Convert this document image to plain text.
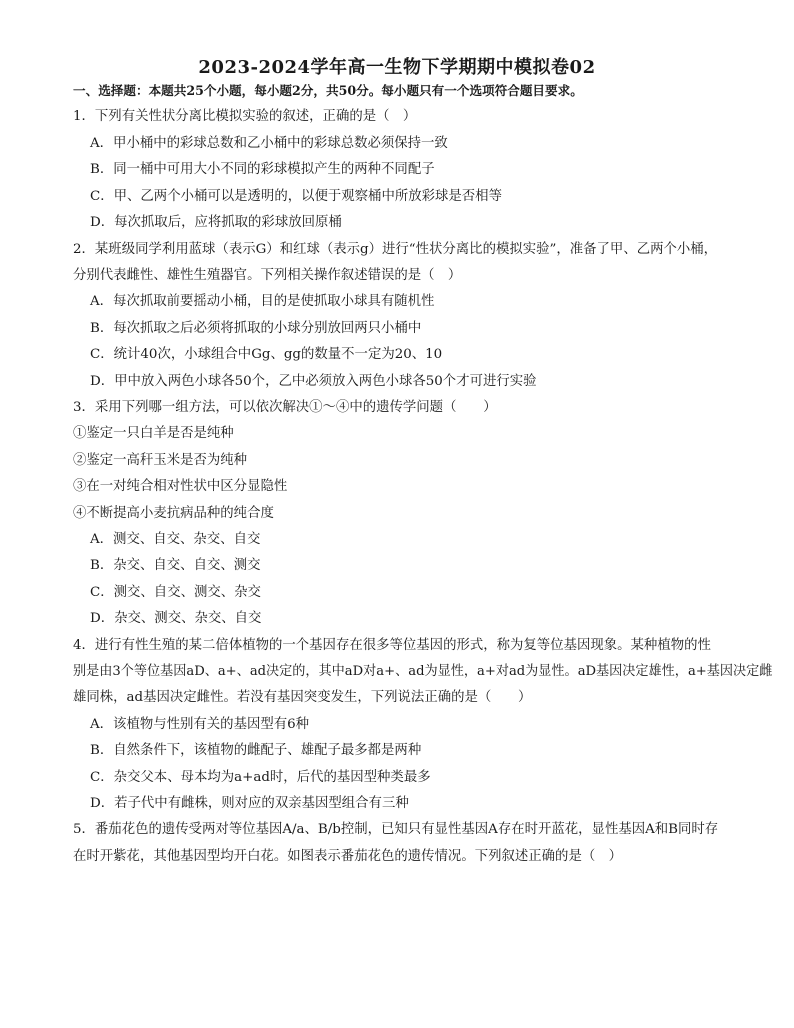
2023-2024学年高一生物下学期期中模拟卷02
一、选择题：本题共25个小题，每小题2分，共50分。每小题只有一个选项符合题目要求。
1．下列有关性状分离比模拟实验的叙述，正确的是（　）
A．甲小桶中的彩球总数和乙小桶中的彩球总数必须保持一致
B．同一桶中可用大小不同的彩球模拟产生的两种不同配子
C．甲、乙两个小桶可以是透明的，以便于观察桶中所放彩球是否相等
D．每次抓取后，应将抓取的彩球放回原桶
2．某班级同学利用蓝球（表示G）和红球（表示g）进行“性状分离比的模拟实验”，准备了甲、乙两个小桶，
分别代表雌性、雄性生殖器官。下列相关操作叙述错误的是（　）
A．每次抓取前要摇动小桶，目的是使抓取小球具有随机性
B．每次抓取之后必须将抓取的小球分别放回两只小桶中
C．统计40次，小球组合中Gg、gg的数量不一定为20、10
D．甲中放入两色小球各50个，乙中必须放入两色小球各50个才可进行实验
3．采用下列哪一组方法，可以依次解决①～④中的遗传学问题（　　）
①鉴定一只白羊是否是纯种
②鉴定一高秆玉米是否为纯种
③在一对纯合相对性状中区分显隐性
④不断提高小麦抗病品种的纯合度
A．测交、自交、杂交、自交
B．杂交、自交、自交、测交
C．测交、自交、测交、杂交
D．杂交、测交、杂交、自交
4．进行有性生殖的某二倍体植物的一个基因存在很多等位基因的形式，称为复等位基因现象。某种植物的性
别是由3个等位基因aD、a+、ad决定的，其中aD对a+、ad为显性，a+对ad为显性。aD基因决定雄性，a+基因决定雌
雄同株，ad基因决定雌性。若没有基因突变发生，下列说法正确的是（　　）
A．该植物与性别有关的基因型有6种
B．自然条件下，该植物的雌配子、雄配子最多都是两种
C．杂交父本、母本均为a+ad时，后代的基因型种类最多
D．若子代中有雌株，则对应的双亲基因型组合有三种
5．番茄花色的遗传受两对等位基因A/a、B/b控制，已知只有显性基因A存在时开蓝花，显性基因A和B同时存
在时开紫花，其他基因型均开白花。如图表示番茄花色的遗传情况。下列叙述正确的是（　）
